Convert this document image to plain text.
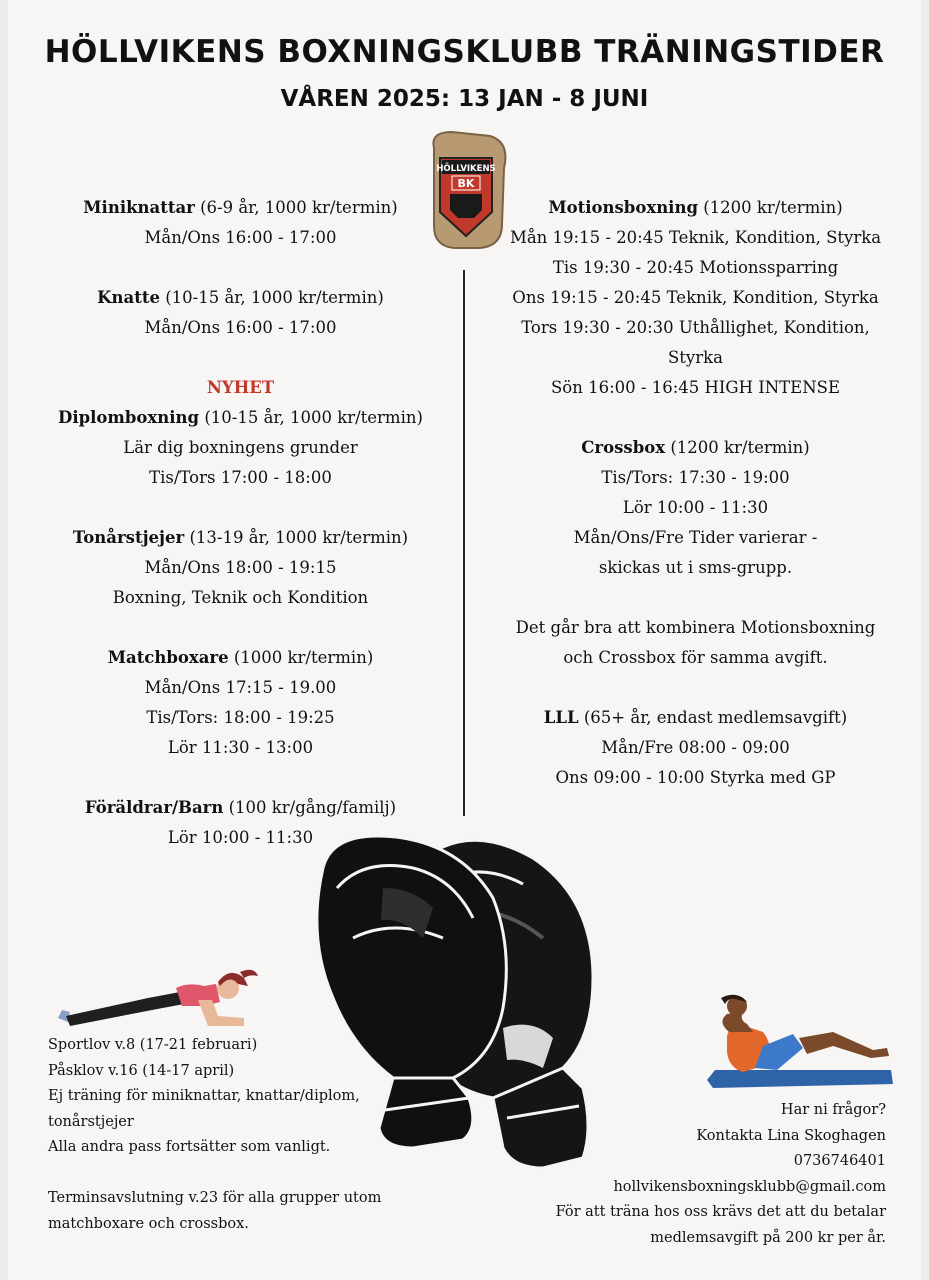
HÖLLVIKENS BOXNINGSKLUBB TRÄNINGSTIDER
VÅREN 2025: 13 JAN - 8 JUNI
HÖLLVIKENS
BK
Miniknattar (6-9 år, 1000 kr/termin)
Mån/Ons 16:00 - 17:00
Knatte (10-15 år, 1000 kr/termin)
Mån/Ons 16:00 - 17:00
NYHET
Diplomboxning (10-15 år, 1000 kr/termin)
Lär dig boxningens grunder
Tis/Tors 17:00 - 18:00
Tonårstjejer (13-19 år, 1000 kr/termin)
Mån/Ons 18:00 - 19:15
Boxning, Teknik och Kondition
Matchboxare (1000 kr/termin)
Mån/Ons 17:15 - 19.00
Tis/Tors: 18:00 - 19:25
Lör 11:30 - 13:00
Föräldrar/Barn (100 kr/gång/familj)
Lör 10:00 - 11:30
Motionsboxning (1200 kr/termin)
Mån 19:15 - 20:45 Teknik, Kondition, Styrka
Tis 19:30 - 20:45 Motionssparring
Ons 19:15 - 20:45 Teknik, Kondition, Styrka
Tors 19:30 - 20:30 Uthållighet, Kondition,
Styrka
Sön 16:00 - 16:45 HIGH INTENSE
Crossbox (1200 kr/termin)
Tis/Tors: 17:30 - 19:00
Lör 10:00 - 11:30
Mån/Ons/Fre Tider varierar -
skickas ut i sms-grupp.
Det går bra att kombinera Motionsboxning
och Crossbox för samma avgift.
LLL (65+ år, endast medlemsavgift)
Mån/Fre 08:00 - 09:00
Ons 09:00 - 10:00 Styrka med GP
Sportlov v.8 (17-21 februari)
Påsklov v.16 (14-17 april)
Ej träning för miniknattar, knattar/diplom,
tonårstjejer
Alla andra pass fortsätter som vanligt.

Terminsavslutning v.23 för alla grupper utom
matchboxare och crossbox.
Har ni frågor?
Kontakta Lina Skoghagen
0736746401
hollvikensboxningsklubb@gmail.com
För att träna hos oss krävs det att du betalar
medlemsavgift på 200 kr per år.
